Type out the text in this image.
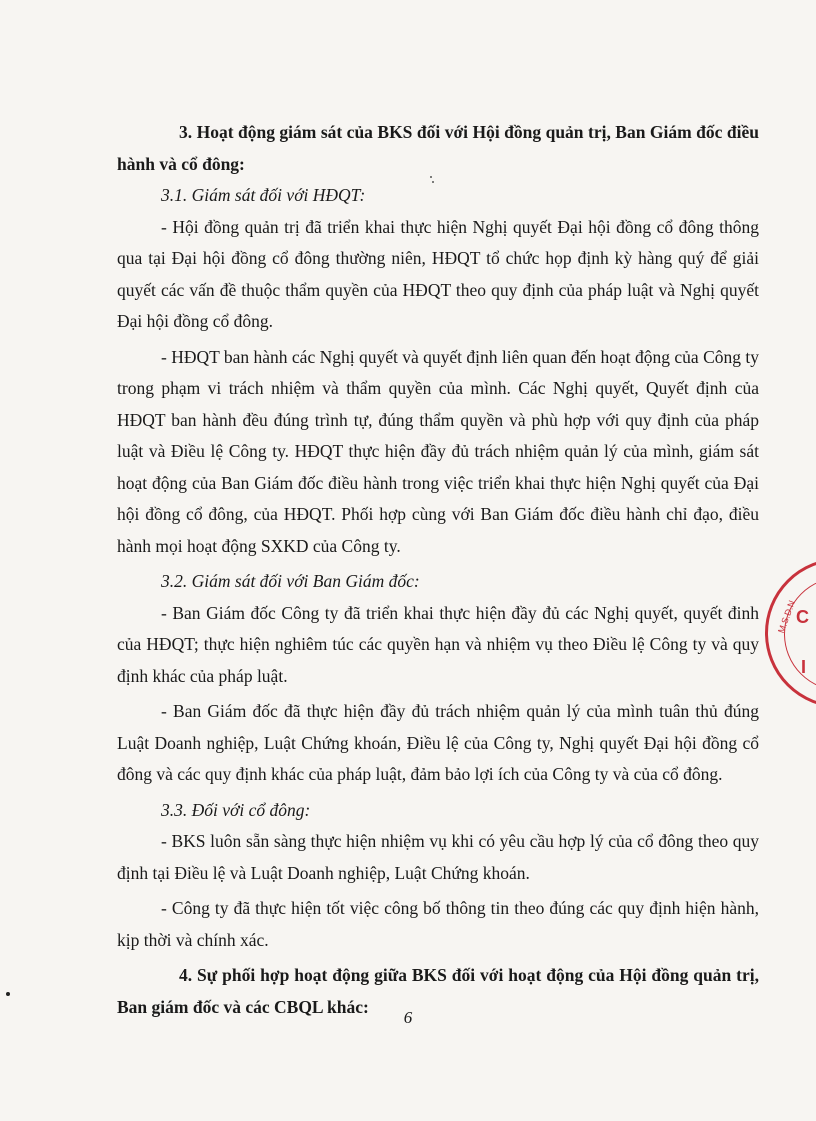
3. Hoạt động giám sát của BKS đối với Hội đồng quản trị, Ban Giám đốc điều hành và cổ đông:

3.1. Giám sát đối với HĐQT:

- Hội đồng quản trị đã triển khai thực hiện Nghị quyết Đại hội đồng cổ đông thông qua tại Đại hội đồng cổ đông thường niên, HĐQT tổ chức họp định kỳ hàng quý để giải quyết các vấn đề thuộc thẩm quyền của HĐQT theo quy định của pháp luật và Nghị quyết Đại hội đồng cổ đông.

- HĐQT ban hành các Nghị quyết và quyết định liên quan đến hoạt động của Công ty trong phạm vi trách nhiệm và thẩm quyền của mình. Các Nghị quyết, Quyết định của HĐQT ban hành đều đúng trình tự, đúng thẩm quyền và phù hợp với quy định của pháp luật và Điều lệ Công ty. HĐQT thực hiện đầy đủ trách nhiệm quản lý của mình, giám sát hoạt động của Ban Giám đốc điều hành trong việc triển khai thực hiện Nghị quyết của Đại hội đồng cổ đông, của HĐQT. Phối hợp cùng với Ban Giám đốc điều hành chỉ đạo, điều hành mọi hoạt động SXKD của Công ty.

3.2. Giám sát đối với Ban Giám đốc:

- Ban Giám đốc Công ty đã triển khai thực hiện đầy đủ các Nghị quyết, quyết đinh của HĐQT; thực hiện nghiêm túc các quyền hạn và nhiệm vụ theo Điều lệ Công ty và quy định khác của pháp luật.

- Ban Giám đốc đã thực hiện đầy đủ trách nhiệm quản lý của mình tuân thủ đúng Luật Doanh nghiệp, Luật Chứng khoán, Điều lệ của Công ty, Nghị quyết Đại hội đồng cổ đông và các quy định khác của pháp luật, đảm bảo lợi ích của Công ty và của cổ đông.

3.3. Đối với cổ đông:

- BKS luôn sẵn sàng thực hiện nhiệm vụ khi có yêu cầu hợp lý của cổ đông theo quy định tại Điều lệ và Luật Doanh nghiệp, Luật Chứng khoán.

- Công ty đã thực hiện tốt việc công bố thông tin theo đúng các quy định hiện hành, kịp thời và chính xác.

4. Sự phối hợp hoạt động giữa BKS đối với hoạt động của Hội đồng quản trị, Ban giám đốc và các CBQL khác:

6
M.S.D.N
C
I
